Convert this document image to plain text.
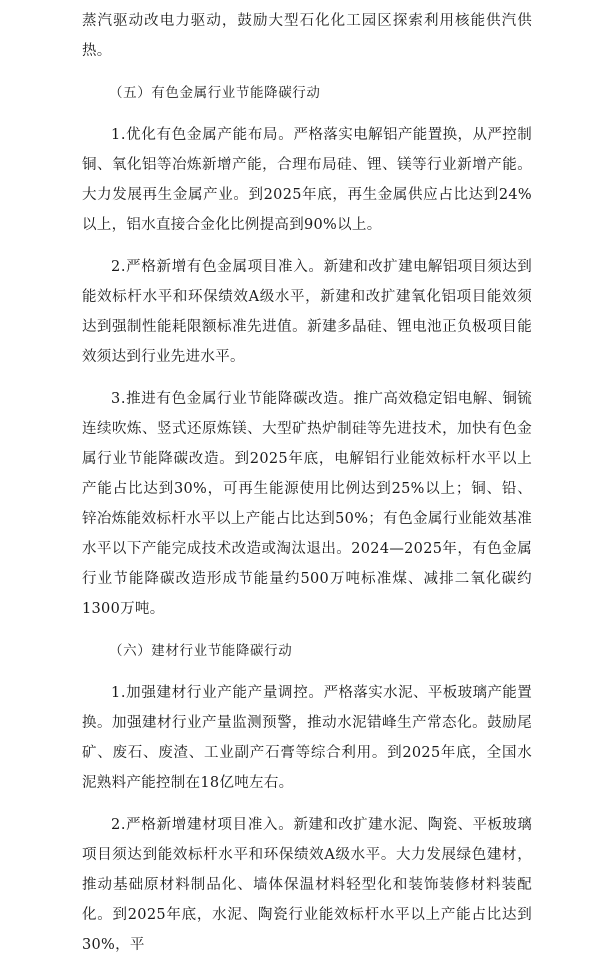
蒸汽驱动改电力驱动，鼓励大型石化化工园区探索利用核能供汽供热。

（五）有色金属行业节能降碳行动

1.优化有色金属产能布局。严格落实电解铝产能置换，从严控制铜、氧化铝等冶炼新增产能，合理布局硅、锂、镁等行业新增产能。大力发展再生金属产业。到2025年底，再生金属供应占比达到24%以上，铝水直接合金化比例提高到90%以上。

2.严格新增有色金属项目准入。新建和改扩建电解铝项目须达到能效标杆水平和环保绩效A级水平，新建和改扩建氧化铝项目能效须达到强制性能耗限额标准先进值。新建多晶硅、锂电池正负极项目能效须达到行业先进水平。

3.推进有色金属行业节能降碳改造。推广高效稳定铝电解、铜锍连续吹炼、竖式还原炼镁、大型矿热炉制硅等先进技术，加快有色金属行业节能降碳改造。到2025年底，电解铝行业能效标杆水平以上产能占比达到30%，可再生能源使用比例达到25%以上；铜、铅、锌冶炼能效标杆水平以上产能占比达到50%；有色金属行业能效基准水平以下产能完成技术改造或淘汰退出。2024—2025年，有色金属行业节能降碳改造形成节能量约500万吨标准煤、减排二氧化碳约1300万吨。

（六）建材行业节能降碳行动

1.加强建材行业产能产量调控。严格落实水泥、平板玻璃产能置换。加强建材行业产量监测预警，推动水泥错峰生产常态化。鼓励尾矿、废石、废渣、工业副产石膏等综合利用。到2025年底，全国水泥熟料产能控制在18亿吨左右。

2.严格新增建材项目准入。新建和改扩建水泥、陶瓷、平板玻璃项目须达到能效标杆水平和环保绩效A级水平。大力发展绿色建材，推动基础原材料制品化、墙体保温材料轻型化和装饰装修材料装配化。到2025年底，水泥、陶瓷行业能效标杆水平以上产能占比达到30%，平
